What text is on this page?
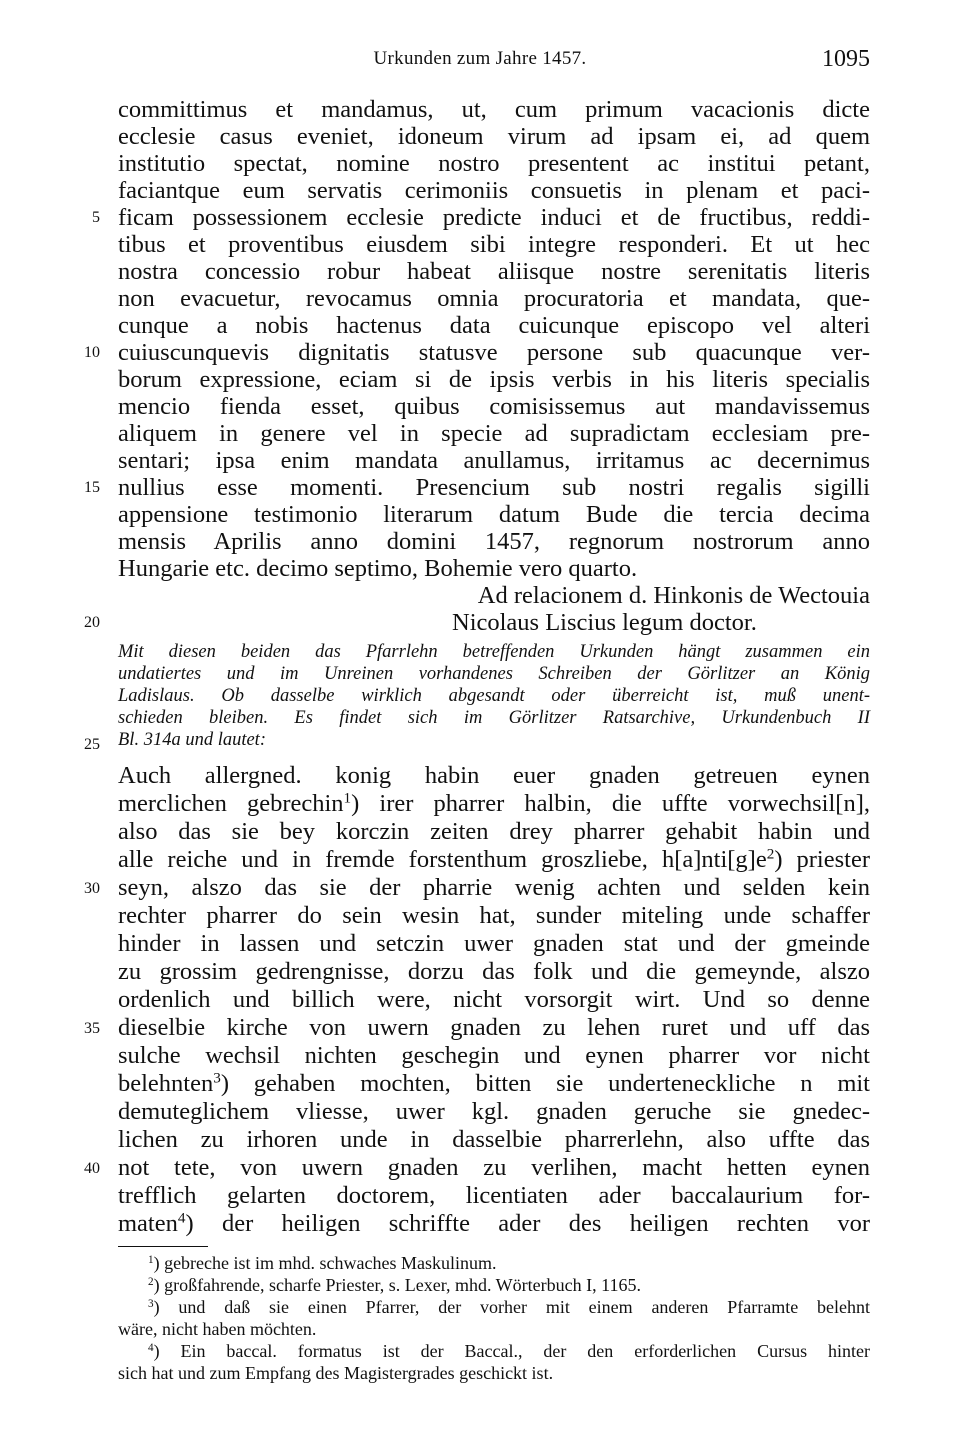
Urkunden zum Jahre 1457.	1095
committimus et mandamus, ut, cum primum vacacionis dicte
ecclesie casus eveniet, idoneum virum ad ipsam ei, ad quem
institutio spectat, nomine nostro presentent ac institui petant,
faciantque eum servatis cerimoniis consuetis in plenam et paci-
ficam possessionem ecclesie predicte induci et de fructibus, reddi-
tibus et proventibus eiusdem sibi integre responderi. Et ut hec
nostra concessio robur habeat aliisque nostre serenitatis literis
non evacuetur, revocamus omnia procuratoria et mandata, que-
cunque a nobis hactenus data cuicunque episcopo vel alteri
cuiuscunquevis dignitatis statusve persone sub quacunque ver-
borum expressione, eciam si de ipsis verbis in his literis specialis
mencio fienda esset, quibus comisissemus aut mandavissemus
aliquem in genere vel in specie ad supradictam ecclesiam pre-
sentari; ipsa enim mandata anullamus, irritamus ac decernimus
nullius esse momenti. Presencium sub nostri regalis sigilli
appensione testimonio literarum datum Bude die tercia decima
mensis Aprilis anno domini 1457, regnorum nostrorum anno
Hungarie etc. decimo septimo, Bohemie vero quarto.
Ad relacionem d. Hinkonis de Wectouia
Nicolaus Liscius legum doctor.
Mit diesen beiden das Pfarrlehn betreffenden Urkunden hängt zusammen ein
undatiertes und im Unreinen vorhandenes Schreiben der Görlitzer an König
Ladislaus. Ob dasselbe wirklich abgesandt oder überreicht ist, muß unent-
schieden bleiben. Es findet sich im Görlitzer Ratsarchive, Urkundenbuch II
Bl. 314a und lautet:
Auch allergned. konig habin euer gnaden getreuen eynen
merclichen gebrechin$^1$) irer pharrer halbin, die uffte vorwechsil[n],
also das sie bey korczin zeiten drey pharrer gehabit habin und
alle reiche und in fremde forstenthum groszliebe, $h[a]nti[g]e^2$) priester
seyn, alszo das sie der pharrie wenig achten und selden kein
rechter pharrer do sein wesin hat, sunder miteling unde schaffer
hinder in lassen und setczin uwer gnaden stat und der gmeinde
zu grossim gedrengnisse, dorzu das folk und die gemeynde, alszo
ordenlich und billich were, nicht vorsorgit wirt. Und so denne
dieselbie kirche von uwern gnaden zu lehen ruret und uff das
sulche wechsil nichten geschegin und eynen pharrer vor nicht
belehnten$^3$) gehaben mochten, bitten sie underteneckliche n mit
demuteglichem vliesse, uwer kgl. gnaden geruche sie gnedec-
lichen zu irhoren unde in dasselbie pharrerlehn, also uffte das
not tete, von uwern gnaden zu verlihen, macht hetten eynen
trefflich gelarten doctorem, licentiaten ader baccalaurium for-
maten$^4$) der heiligen schriffte ader des heiligen rechten vor
$^1$) gebreche ist im mhd. schwaches Maskulinum.
$^2$) großfahrende, scharfe Priester, s. Lexer, mhd. Wörterbuch I, 1165.
$^3$) und daß sie einen Pfarrer, der vorher mit einem anderen Pfarramte belehnt
wäre, nicht haben möchten.
$^4$) Ein baccal. formatus ist der Baccal., der den erforderlichen Cursus hinter
sich hat und zum Empfang des Magistergrades geschickt ist.
5
10
15
20
25
30
35
40
